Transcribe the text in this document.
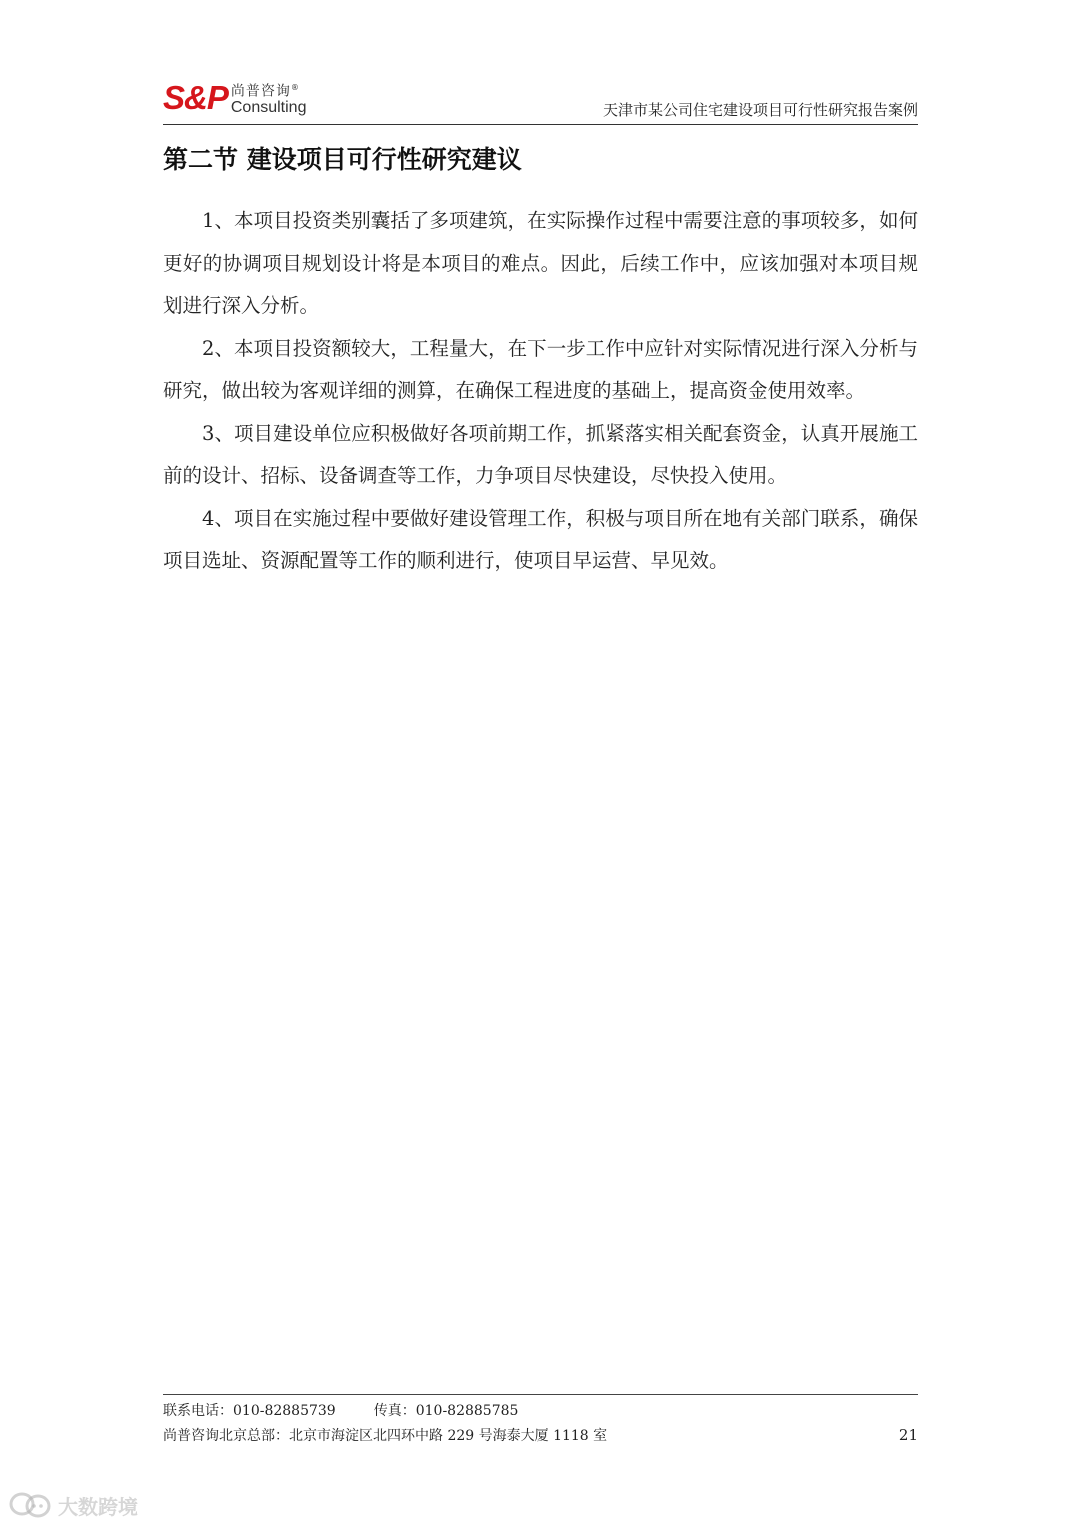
S&P 尚普咨询®
Consulting	天津市某公司住宅建设项目可行性研究报告案例
第二节 建设项目可行性研究建议

1、本项目投资类别囊括了多项建筑，在实际操作过程中需要注意的事项较多，如何更好的协调项目规划设计将是本项目的难点。因此，后续工作中，应该加强对本项目规划进行深入分析。

2、本项目投资额较大，工程量大，在下一步工作中应针对实际情况进行深入分析与研究，做出较为客观详细的测算，在确保工程进度的基础上，提高资金使用效率。

3、项目建设单位应积极做好各项前期工作，抓紧落实相关配套资金，认真开展施工前的设计、招标、设备调查等工作，力争项目尽快建设，尽快投入使用。

4、项目在实施过程中要做好建设管理工作，积极与项目所在地有关部门联系，确保项目选址、资源配置等工作的顺利进行，使项目早运营、早见效。

联系电话：010-82885739	传真：010-82885785
尚普咨询北京总部：北京市海淀区北四环中路 229 号海泰大厦 1118 室	21
大数跨境
